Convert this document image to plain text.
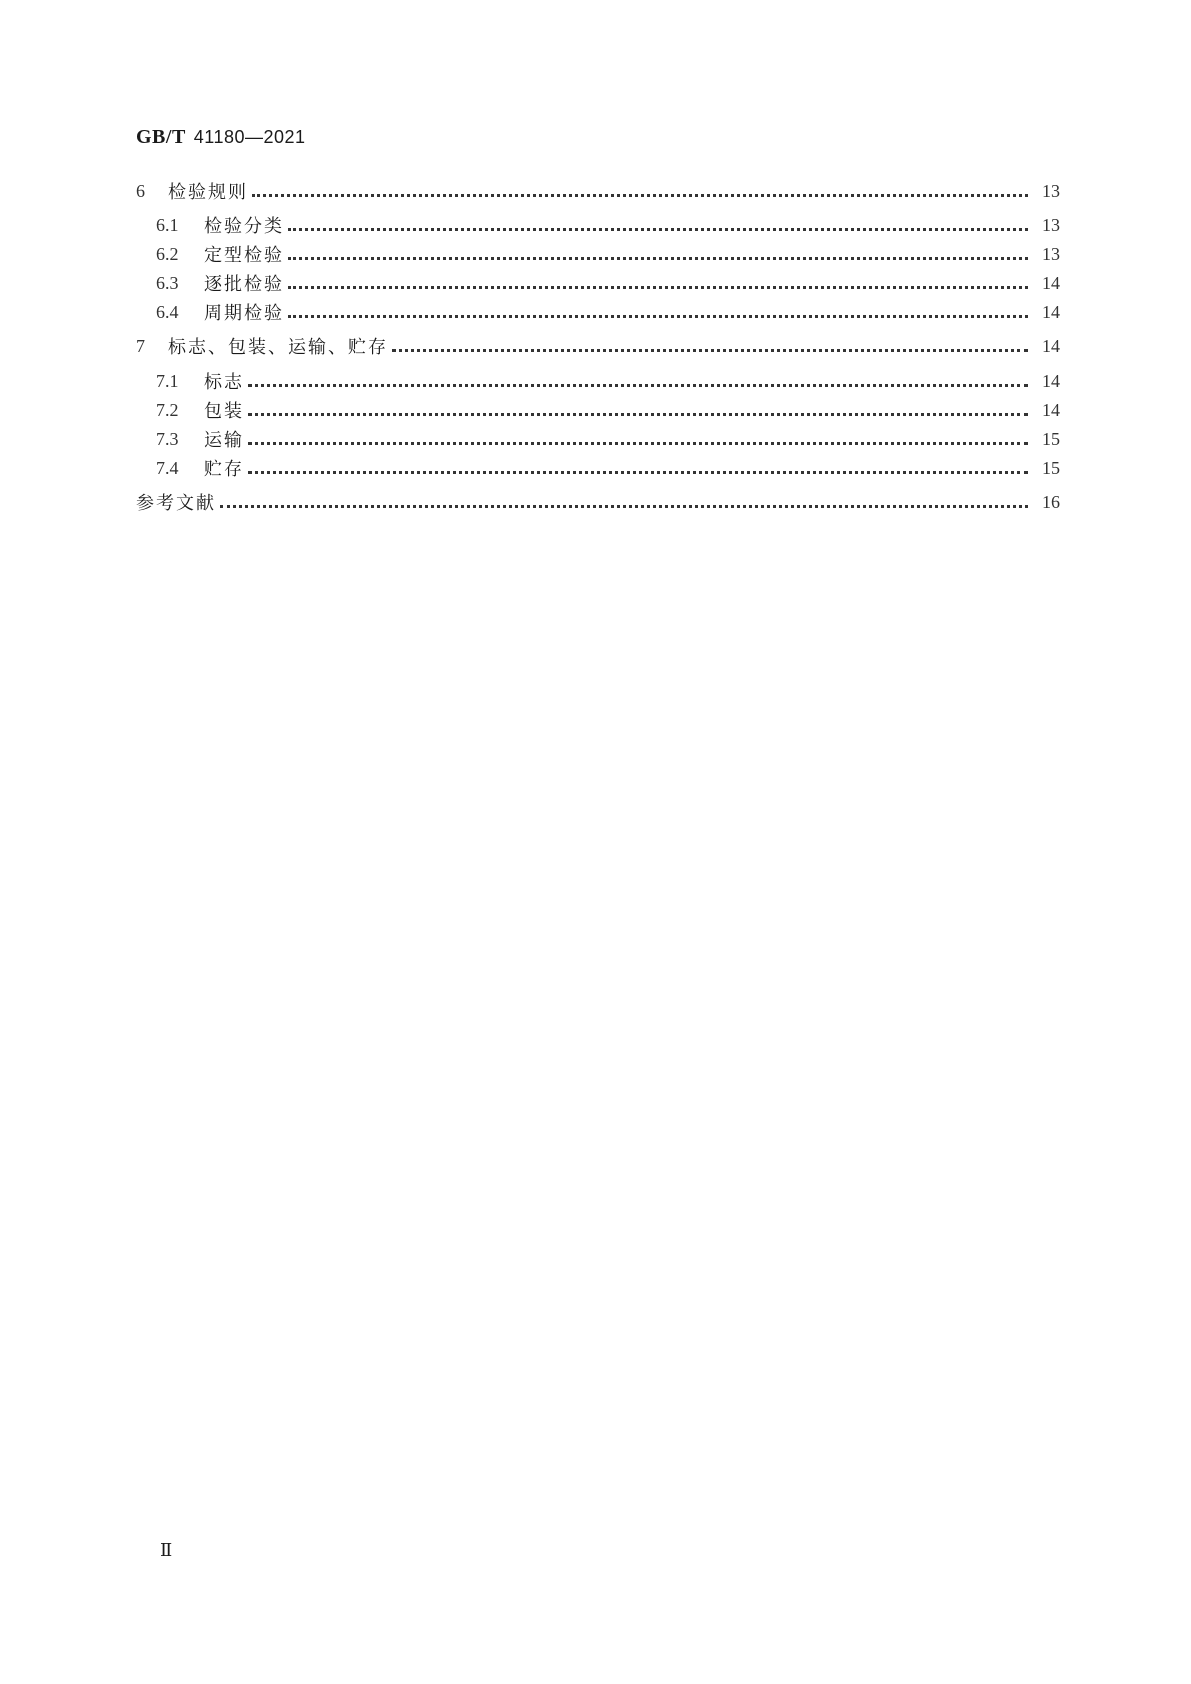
GB/T 41180—2021
6	检验规则	13
6.1	检验分类	13
6.2	定型检验	13
6.3	逐批检验	14
6.4	周期检验	14
7	标志、包装、运输、贮存	14
7.1	标志	14
7.2	包装	14
7.3	运输	15
7.4	贮存	15
参考文献	16
Ⅱ
